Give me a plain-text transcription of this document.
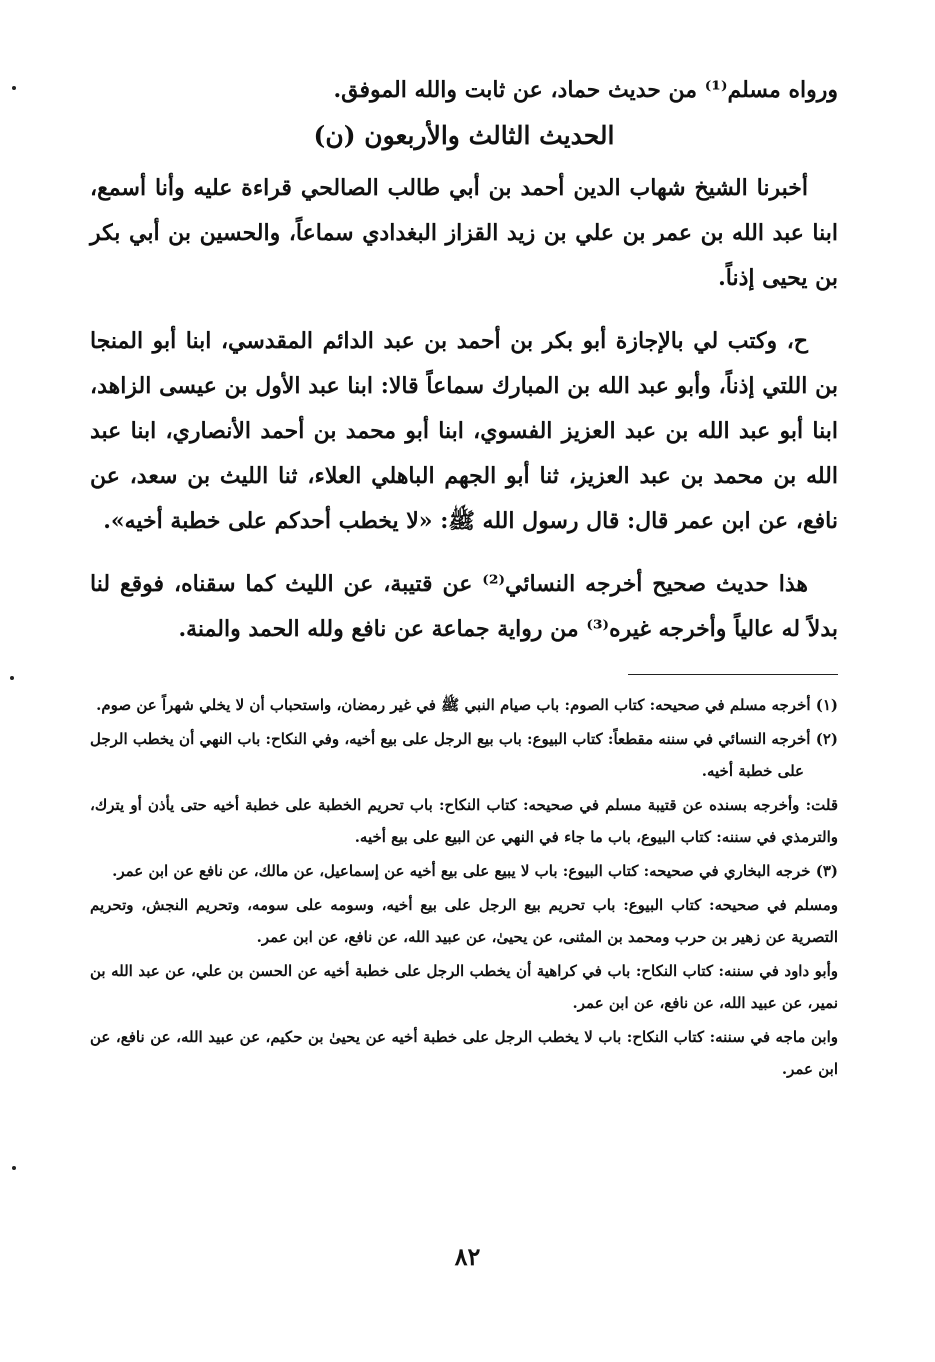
ورواه مسلم⁽¹⁾ من حديث حماد، عن ثابت والله الموفق.

الحديث الثالث والأربعون (ن)

أخبرنا الشيخ شهاب الدين أحمد بن أبي طالب الصالحي قراءة عليه وأنا أسمع، ابنا عبد الله بن عمر بن علي بن زيد القزاز البغدادي سماعاً، والحسين بن أبي بكر بن يحيى إذناً.

ح، وكتب لي بالإجازة أبو بكر بن أحمد بن عبد الدائم المقدسي، ابنا أبو المنجا بن اللتي إذناً، وأبو عبد الله بن المبارك سماعاً قالا: ابنا عبد الأول بن عيسى الزاهد، ابنا أبو عبد الله بن عبد العزيز الفسوي، ابنا أبو محمد بن أحمد الأنصاري، ابنا عبد الله بن محمد بن عبد العزيز، ثنا أبو الجهم الباهلي العلاء، ثنا الليث بن سعد، عن نافع، عن ابن عمر قال: قال رسول الله ﷺ: «لا يخطب أحدكم على خطبة أخيه».

هذا حديث صحيح أخرجه النسائي⁽²⁾ عن قتيبة، عن الليث كما سقناه، فوقع لنا بدلاً له عالياً وأخرجه غيره⁽³⁾ من رواية جماعة عن نافع ولله الحمد والمنة.

(١) أخرجه مسلم في صحيحه: كتاب الصوم: باب صيام النبي ﷺ في غير رمضان، واستحباب أن لا يخلي شهراً عن صوم.

(٢) أخرجه النسائي في سننه مقطعاً: كتاب البيوع: باب بيع الرجل على بيع أخيه، وفي النكاح: باب النهي أن يخطب الرجل على خطبة أخيه.

قلت: وأخرجه بسنده عن قتيبة مسلم في صحيحه: كتاب النكاح: باب تحريم الخطبة على خطبة أخيه حتى يأذن أو يترك، والترمذي في سننه: كتاب البيوع، باب ما جاء في النهي عن البيع على بيع أخيه.

(٣) خرجه البخاري في صحيحه: كتاب البيوع: باب لا يبيع على بيع أخيه عن إسماعيل، عن مالك، عن نافع عن ابن عمر.

ومسلم في صحيحه: كتاب البيوع: باب تحريم بيع الرجل على بيع أخيه، وسومه على سومه، وتحريم النجش، وتحريم التصرية عن زهير بن حرب ومحمد بن المثنى، عن يحيىٰ، عن عبيد الله، عن نافع، عن ابن عمر.

وأبو داود في سننه: كتاب النكاح: باب في كراهية أن يخطب الرجل على خطبة أخيه عن الحسن بن علي، عن عبد الله بن نمير، عن عبيد الله، عن نافع، عن ابن عمر.

وابن ماجه في سننه: كتاب النكاح: باب لا يخطب الرجل على خطبة أخيه عن يحيىٰ بن حكيم، عن عبيد الله، عن نافع، عن ابن عمر.

٨٢
